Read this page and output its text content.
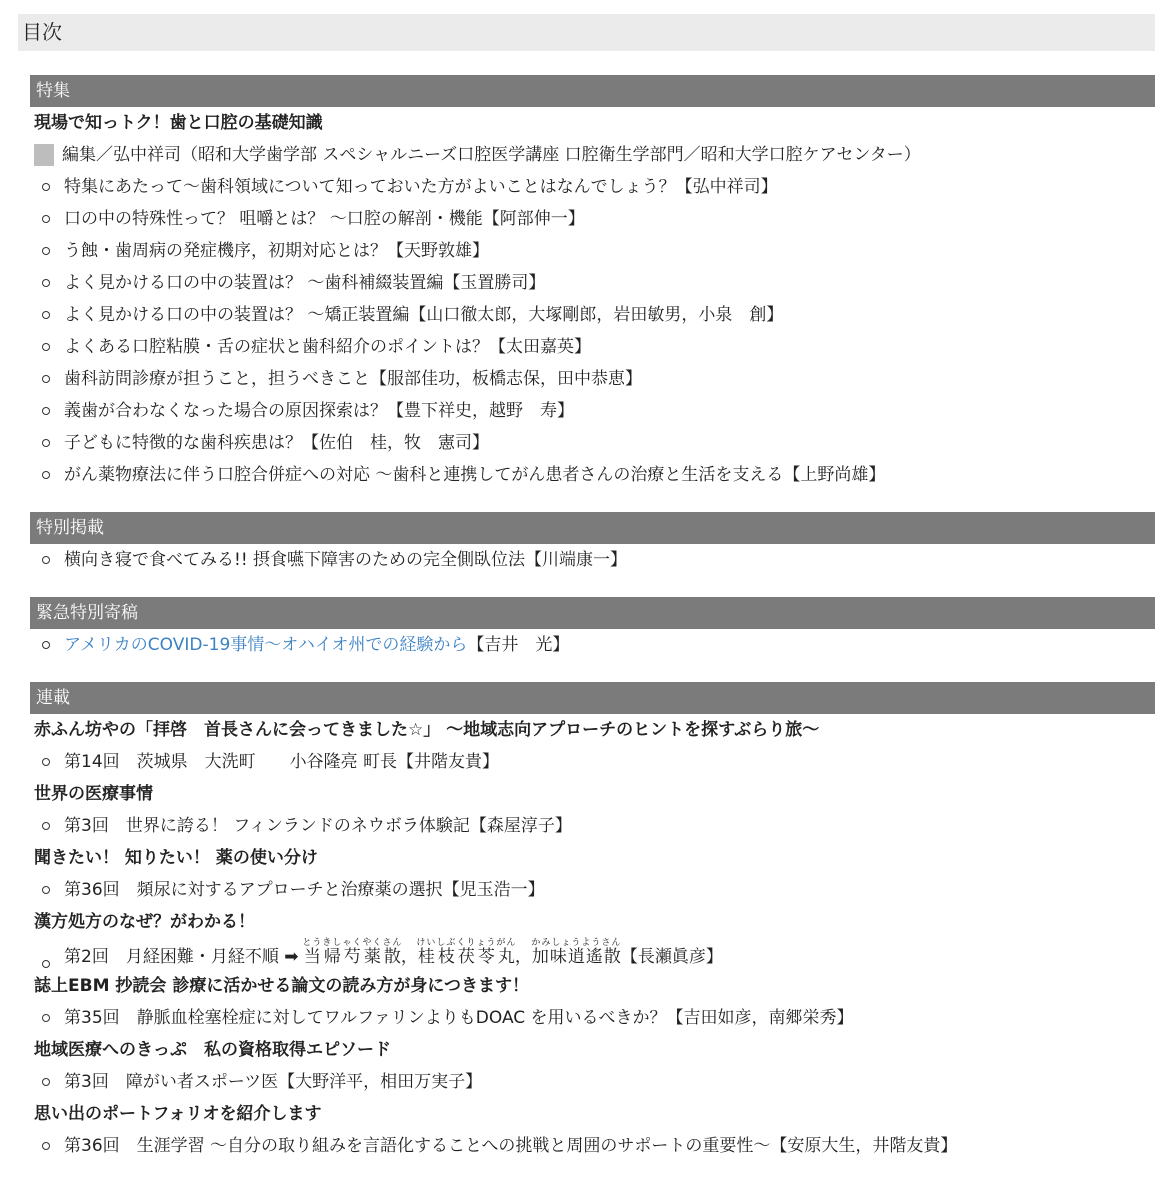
目次
特集
現場で知っトク！歯と口腔の基礎知識
編集／弘中祥司（昭和大学歯学部 スペシャルニーズ口腔医学講座 口腔衛生学部門／昭和大学口腔ケアセンター）
特集にあたって〜歯科領域について知っておいた方がよいことはなんでしょう？【弘中祥司】
口の中の特殊性って？ 咀嚼とは？ 〜口腔の解剖・機能【阿部伸一】
う蝕・歯周病の発症機序，初期対応とは？【天野敦雄】
よく見かける口の中の装置は？ 〜歯科補綴装置編【玉置勝司】
よく見かける口の中の装置は？ 〜矯正装置編【山口徹太郎，大塚剛郎，岩田敏男，小泉　創】
よくある口腔粘膜・舌の症状と歯科紹介のポイントは？【太田嘉英】
歯科訪問診療が担うこと，担うべきこと【服部佳功，板橋志保，田中恭恵】
義歯が合わなくなった場合の原因探索は？【豊下祥史，越野　寿】
子どもに特徴的な歯科疾患は？【佐伯　桂，牧　憲司】
がん薬物療法に伴う口腔合併症への対応 〜歯科と連携してがん患者さんの治療と生活を支える【上野尚雄】
特別掲載
横向き寝で食べてみる!! 摂食嚥下障害のための完全側臥位法【川端康一】
緊急特別寄稿
アメリカのCOVID-19事情〜オハイオ州での経験から【吉井　光】
連載
赤ふん坊やの「拝啓　首長さんに会ってきました☆」 〜地域志向アプローチのヒントを探すぶらり旅〜
第14回　茨城県　大洗町　　小谷隆亮 町長【井階友貴】
世界の医療事情
第3回　世界に誇る！ フィンランドのネウボラ体験記【森屋淳子】
聞きたい！ 知りたい！ 薬の使い分け
第36回　頻尿に対するアプローチと治療薬の選択【児玉浩一】
漢方処方のなぜ？がわかる！
第2回　月経困難・月経不順 ➡ 当帰芍薬散とうきしゃくやくさん，桂枝茯苓丸けいしぶくりょうがん，加味逍遙散かみしょうようさん【長瀬眞彦】
誌上EBM 抄読会 診療に活かせる論文の読み方が身につきます！
第35回　静脈血栓塞栓症に対してワルファリンよりもDOAC を用いるべきか？【吉田如彦，南郷栄秀】
地域医療へのきっぷ　私の資格取得エピソード
第3回　障がい者スポーツ医【大野洋平，相田万実子】
思い出のポートフォリオを紹介します
第36回　生涯学習 〜自分の取り組みを言語化することへの挑戦と周囲のサポートの重要性〜【安原大生，井階友貴】
